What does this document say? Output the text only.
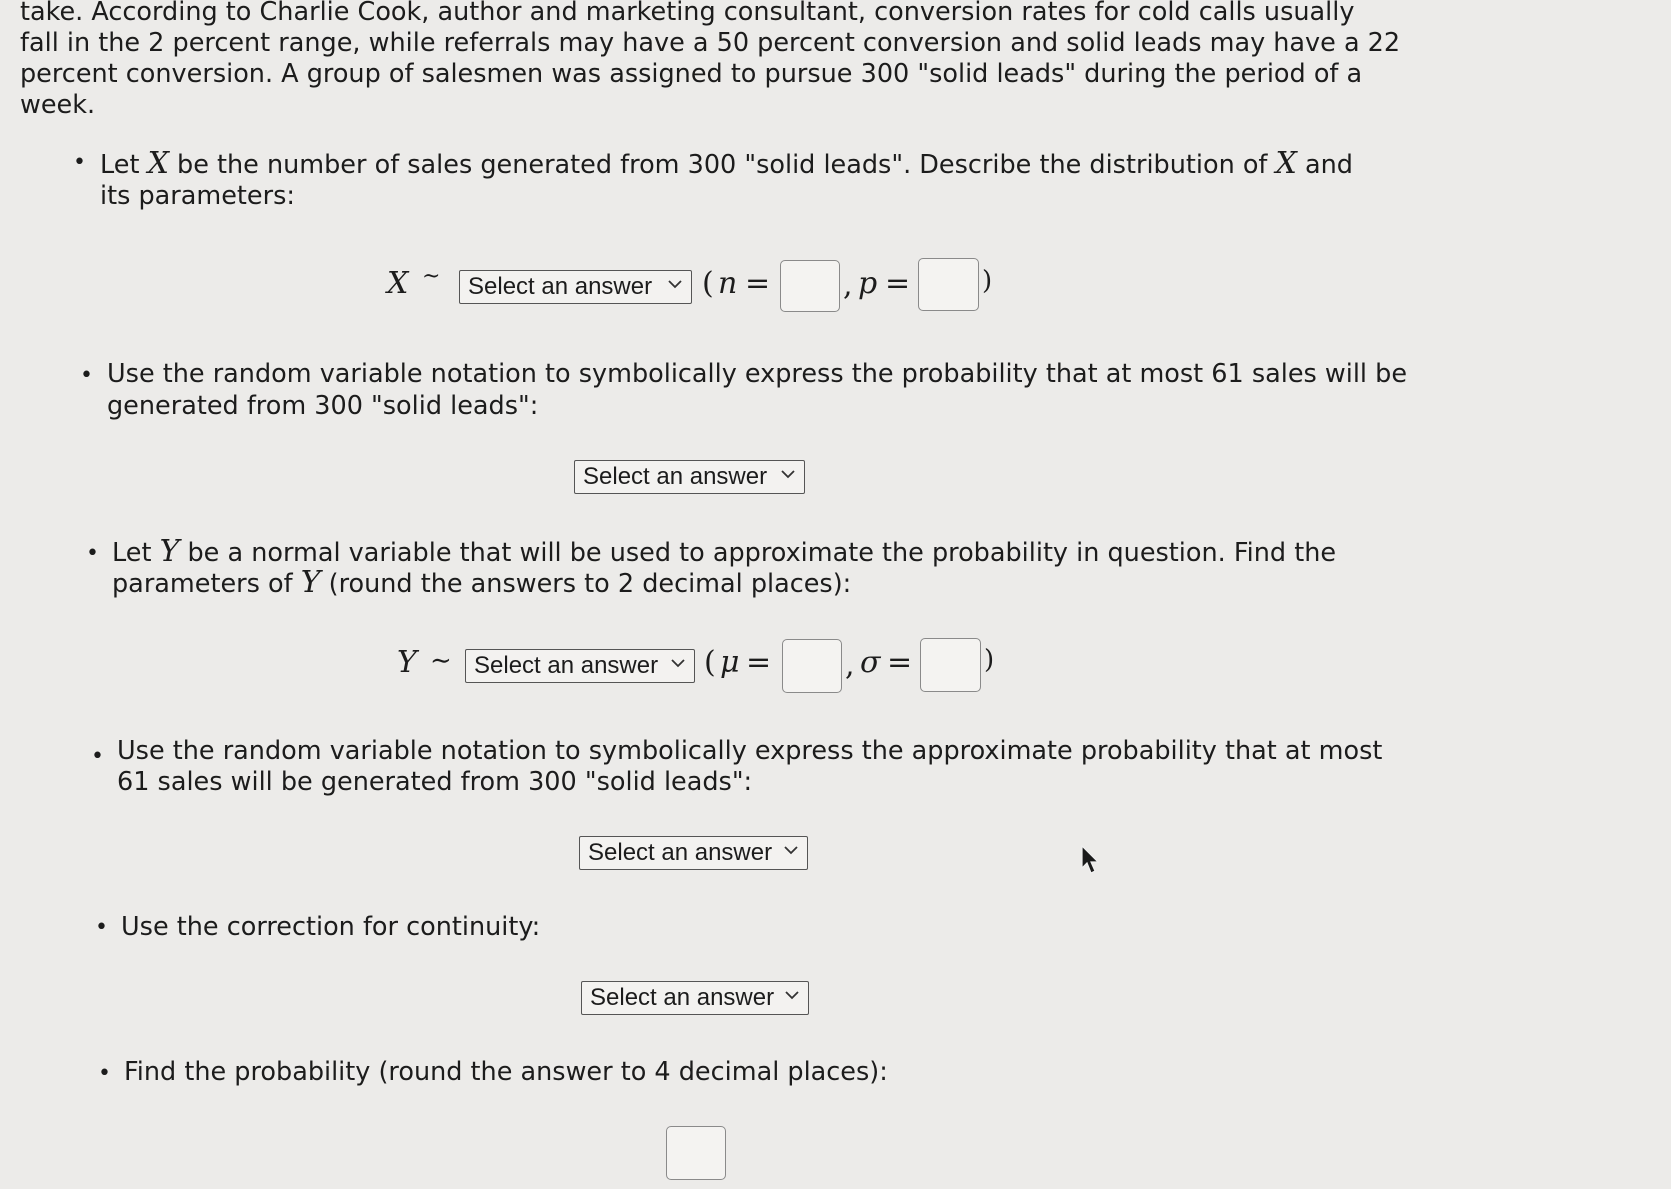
take. According to Charlie Cook, author and marketing consultant, conversion rates for cold calls usually
fall in the 2 percent range, while referrals may have a 50 percent conversion and solid leads may have a 22
percent conversion. A group of salesmen was assigned to pursue 300 "solid leads" during the period of a
week.
• Let X be the number of sales generated from 300 "solid leads". Describe the distribution of X and
its parameters:
X ~	Select an answer	( n = , p =	)
• Use the random variable notation to symbolically express the probability that at most 61 sales will be
generated from 300 "solid leads":
Select an answer
• Let Y be a normal variable that will be used to approximate the probability in question. Find the
parameters of Y (round the answers to 2 decimal places):
Y ∼ Select an answer	( μ = , σ =	)
• Use the random variable notation to symbolically express the approximate probability that at most
61 sales will be generated from 300 "solid leads":
Select an answer
• Use the correction for continuity:
Select an answer
• Find the probability (round the answer to 4 decimal places):
